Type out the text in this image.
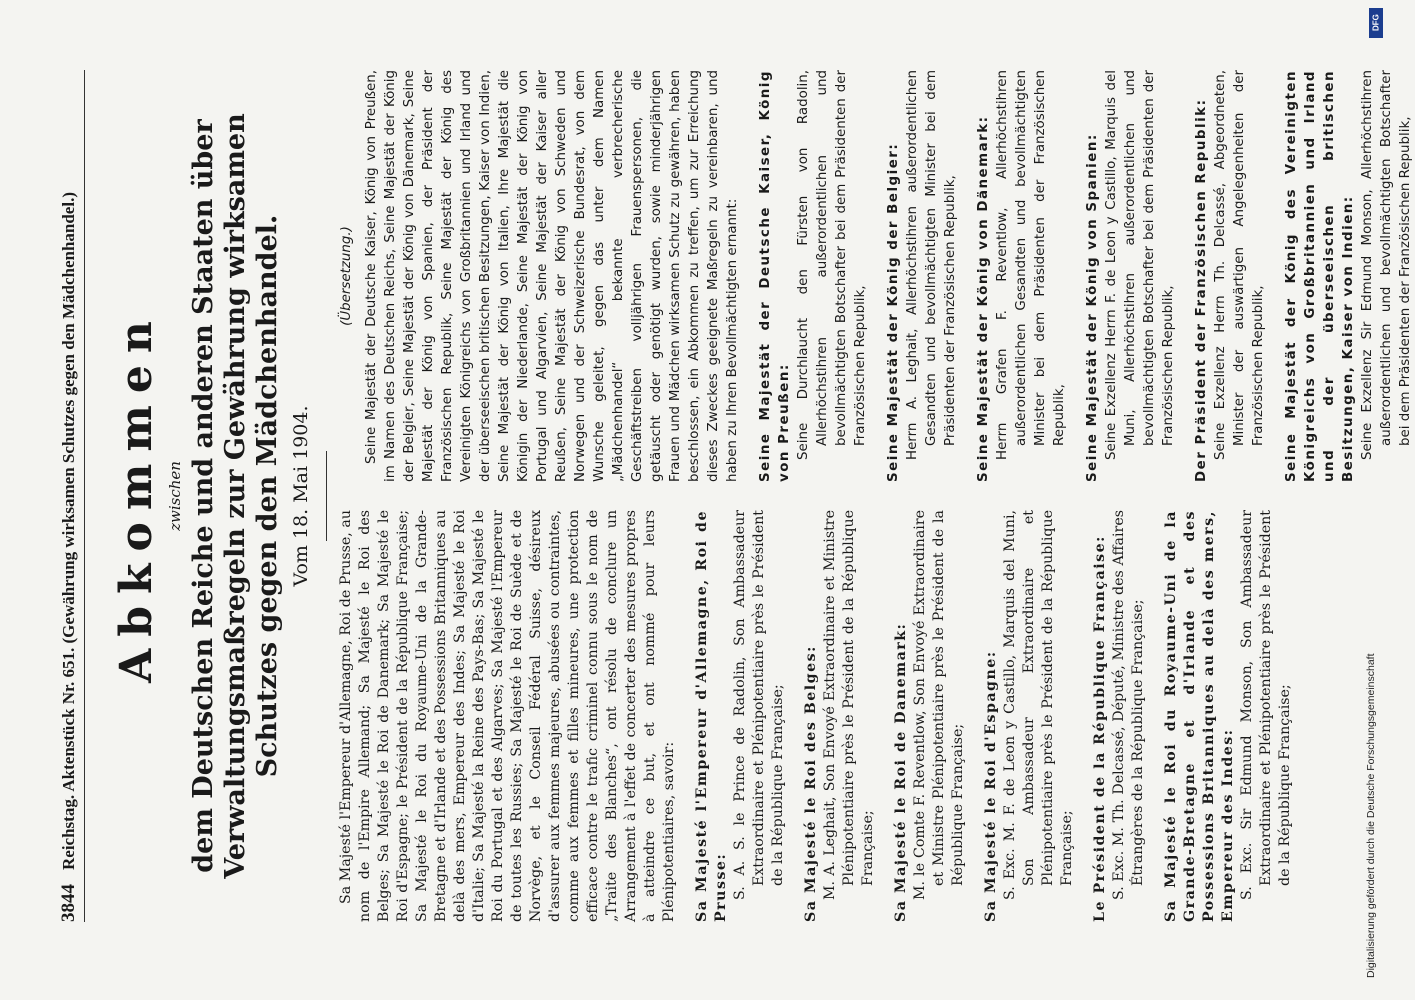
3844
Reichstag. Aktenstück Nr. 651. (Gewährung wirksamen Schutzes gegen den Mädchenhandel.) Abkommen zwischen dem Deutschen Reiche und anderen Staaten über Verwaltungsmaßregeln zur Gewährung wirksamen Schutzes gegen den Mädchenhandel. Vom 18. Mai 1904.

Sa Majesté l'Empereur d'Allemagne, Roi de Prusse, au nom de l'Empire Allemand; Sa Majesté le Roi des Belges; Sa Majesté le Roi de Danemark; Sa Majesté le Roi d'Espagne; le Président de la République Française; Sa Majesté le Roi du Royaume-Uni de la Grande-Bretagne et d'Irlande et des Possessions Britanniques au delà des mers, Empereur des Indes; Sa Majesté le Roi d'Italie; Sa Majesté la Reine des Pays-Bas; Sa Majesté le Roi du Portugal et des Algarves; Sa Majesté l'Empereur de toutes les Russies; Sa Majesté le Roi de Suède et de Norvège, et le Conseil Fédéral Suisse, désireux d'assurer aux femmes majeures, abusées ou contraintes, comme aux femmes et filles mineures, une protection efficace contre le trafic criminel connu sous le nom de „Traite des Blanches“, ont résolu de conclure un Arrangement à l'effet de concerter des mesures propres à atteindre ce but, et ont nommé pour leurs Plénipotentiaires, savoir: Sa Majesté l'Empereur d'Allemagne, Roi de Prusse: S. A. S. le Prince de Radolin, Son Ambassadeur Extraordinaire et Plénipotentiaire près le Président de la République Française; Sa Majesté le Roi des Belges: M. A. Leghait, Son Envoyé Extraordinaire et Ministre Plénipotentiaire près le Président de la République Française; Sa Majesté le Roi de Danemark: M. le Comte F. Reventlow, Son Envoyé Extraordinaire et Ministre Plénipotentiaire près le Président de la République Française; Sa Majesté le Roi d'Espagne: S. Exc. M. F. de Leon y Castillo, Marquis del Muni, Son Ambassadeur Extraordinaire et Plénipotentiaire près le Président de la République Française; Le Président de la République Française: S. Exc. M. Th. Delcassé, Député, Ministre des Affaires Étrangères de la République Française; Sa Majesté le Roi du Royaume-Uni de la Grande-Bretagne et d'Irlande et des Possessions Britanniques au delà des mers, Empereur des Indes: S. Exc. Sir Edmund Monson, Son Ambassadeur Extraordinaire et Plénipotentiaire près le Président de la République Française;

(Übersetzung.) Seine Majestät der Deutsche Kaiser, König von Preußen, im Namen des Deutschen Reichs, Seine Majestät der König der Belgier, Seine Majestät der König von Dänemark, Seine Majestät der König von Spanien, der Präsident der Französischen Republik, Seine Majestät der König des Vereinigten Königreichs von Großbritannien und Irland und der überseeischen britischen Besitzungen, Kaiser von Indien, Seine Majestät der König von Italien, Ihre Majestät die Königin der Niederlande, Seine Majestät der König von Portugal und Algarvien, Seine Majestät der Kaiser aller Reußen, Seine Majestät der König von Schweden und Norwegen und der Schweizerische Bundesrat, von dem Wunsche geleitet, gegen das unter dem Namen „Mädchenhandel“ bekannte verbrecherische Geschäftstreiben volljährigen Frauenspersonen, die getäuscht oder genötigt wurden, sowie minderjährigen Frauen und Mädchen wirksamen Schutz zu gewähren, haben beschlossen, ein Abkommen zu treffen, um zur Erreichung dieses Zweckes geeignete Maßregeln zu vereinbaren, und haben zu Ihren Bevollmächtigten ernannt: Seine Majestät der Deutsche Kaiser, König von Preußen: Seine Durchlaucht den Fürsten von Radolin, Allerhöchstihren außerordentlichen und bevollmächtigten Botschafter bei dem Präsidenten der Französischen Republik, Seine Majestät der König der Belgier: Herrn A. Leghait, Allerhöchstihren außerordentlichen Gesandten und bevollmächtigten Minister bei dem Präsidenten der Französischen Republik, Seine Majestät der König von Dänemark: Herrn Grafen F. Reventlow, Allerhöchstihren außerordentlichen Gesandten und bevollmächtigten Minister bei dem Präsidenten der Französischen Republik, Seine Majestät der König von Spanien: Seine Exzellenz Herrn F. de Leon y Castillo, Marquis del Muni, Allerhöchstihren außerordentlichen und bevollmächtigten Botschafter bei dem Präsidenten der Französischen Republik, Der Präsident der Französischen Republik: Seine Exzellenz Herrn Th. Delcassé, Abgeordneten, Minister der auswärtigen Angelegenheiten der Französischen Republik, Seine Majestät der König des Vereinigten Königreichs von Großbritannien und Irland und der überseeischen britischen Besitzungen, Kaiser von Indien: Seine Exzellenz Sir Edmund Monson, Allerhöchstihren außerordentlichen und bevollmächtigten Botschafter bei dem Präsidenten der Französischen Republik,

DFG
Digitalisierung gefördert durch die Deutsche Forschungsgemeinschaft
